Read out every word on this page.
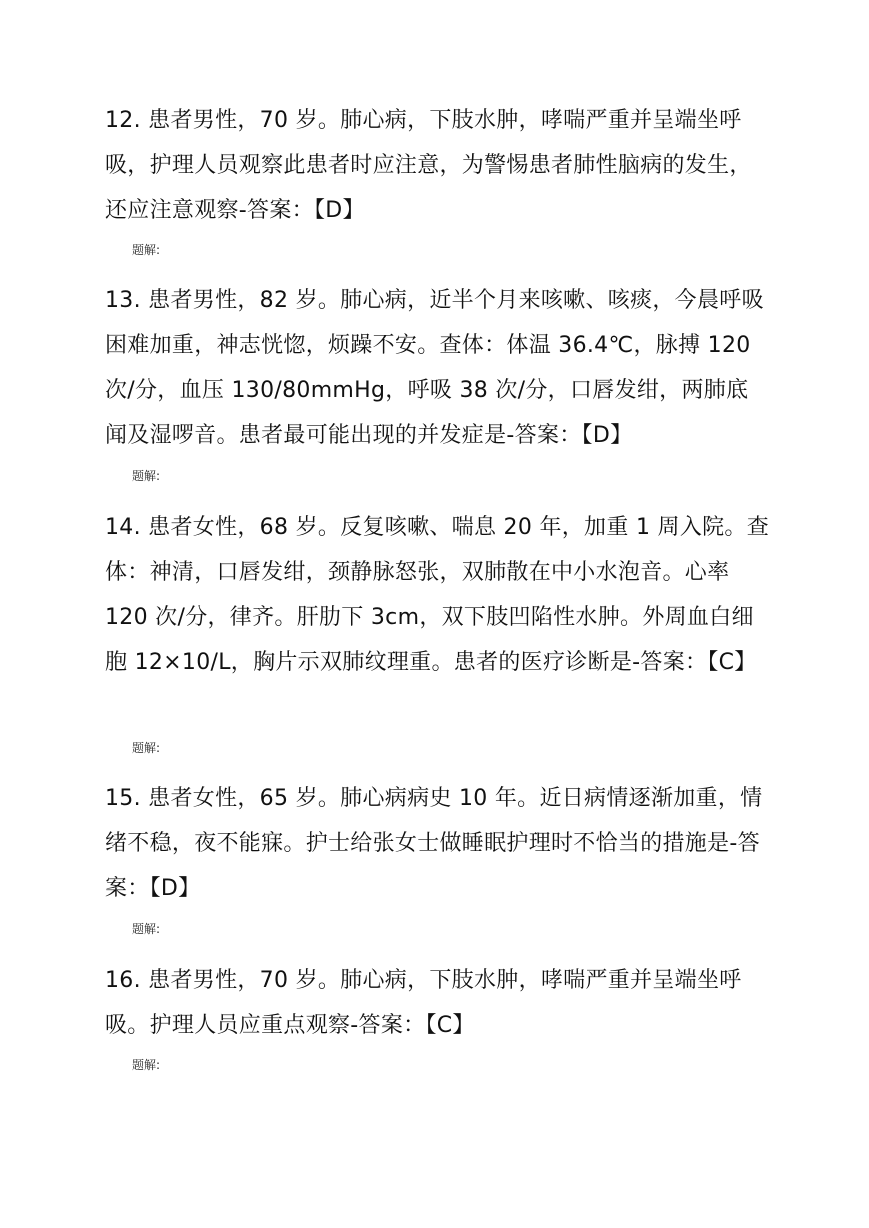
12. 患者男性，70 岁。肺心病，下肢水肿，哮喘严重并呈端坐呼吸，护理人员观察此患者时应注意，为警惕患者肺性脑病的发生，还应注意观察-答案：【D】

题解:

13. 患者男性，82 岁。肺心病，近半个月来咳嗽、咳痰，今晨呼吸困难加重，神志恍惚，烦躁不安。查体：体温 36.4℃，脉搏 120 次/分，血压 130/80mmHg，呼吸 38 次/分，口唇发绀，两肺底闻及湿啰音。患者最可能出现的并发症是-答案：【D】

题解:

14. 患者女性，68 岁。反复咳嗽、喘息 20 年，加重 1 周入院。查体：神清，口唇发绀，颈静脉怒张，双肺散在中小水泡音。心率 120 次/分，律齐。肝肋下 3cm，双下肢凹陷性水肿。外周血白细胞 12×10/L，胸片示双肺纹理重。患者的医疗诊断是-答案：【C】

题解:

15. 患者女性，65 岁。肺心病病史 10 年。近日病情逐渐加重，情绪不稳，夜不能寐。护士给张女士做睡眠护理时不恰当的措施是-答案：【D】

题解:

16. 患者男性，70 岁。肺心病，下肢水肿，哮喘严重并呈端坐呼吸。护理人员应重点观察-答案：【C】

题解:
